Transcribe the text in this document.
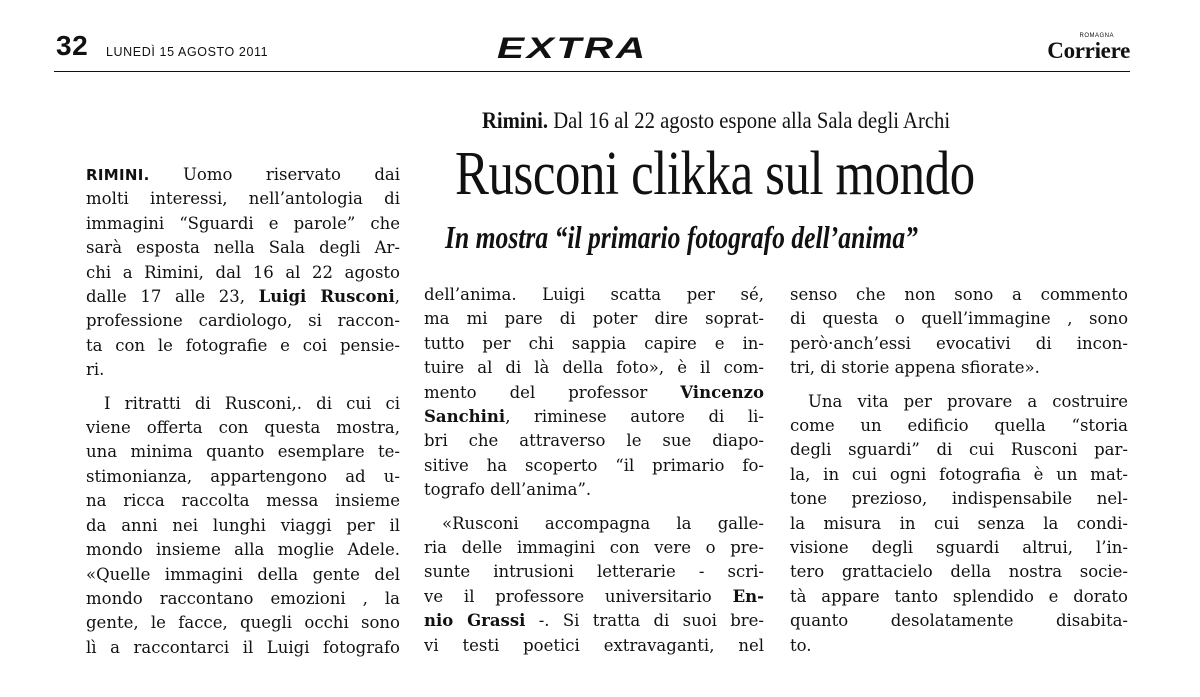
32 LUNEDÌ 15 AGOSTO 2011	EXTRA	ROMAGNA
Corriere
Rimini. Dal 16 al 22 agosto espone alla Sala degli Archi
Rusconi clikka sul mondo
In mostra “il primario fotografo dell’anima”
RIMINI. Uomo riservato dai
molti interessi, nell’antologia di
immagini “Sguardi e parole” che
sarà esposta nella Sala degli Ar-
chi a Rimini, dal 16 al 22 agosto
dalle 17 alle 23, Luigi Rusconi,
professione cardiologo, si raccon-
ta con le fotografie e coi pensie-
ri.
I ritratti di Rusconi,. di cui ci
viene offerta con questa mostra,
una minima quanto esemplare te-
stimonianza, appartengono ad u-
na ricca raccolta messa insieme
da anni nei lunghi viaggi per il
mondo insieme alla moglie Adele.
«Quelle immagini della gente del
mondo raccontano emozioni , la
gente, le facce, quegli occhi sono
lì a raccontarci il Luigi fotografo
dell’anima. Luigi scatta per sé,
ma mi pare di poter dire soprat-
tutto per chi sappia capire e in-
tuire al di là della foto», è il com-
mento del professor Vincenzo
Sanchini, riminese autore di li-
bri che attraverso le sue diapo-
sitive ha scoperto “il primario fo-
tografo dell’anima”.
«Rusconi accompagna la galle-
ria delle immagini con vere o pre-
sunte intrusioni letterarie - scri-
ve il professore universitario En-
nio Grassi -. Si tratta di suoi bre-
vi testi poetici extravaganti, nel
senso che non sono a commento
di questa o quell’immagine , sono
però·anch’essi evocativi di incon-
tri, di storie appena sfiorate».
Una vita per provare a costruire
come un edificio quella “storia
degli sguardi” di cui Rusconi par-
la, in cui ogni fotografia è un mat-
tone prezioso, indispensabile nel-
la misura in cui senza la condi-
visione degli sguardi altrui, l’in-
tero grattacielo della nostra socie-
tà appare tanto splendido e dorato
quanto desolatamente disabita-
to.
